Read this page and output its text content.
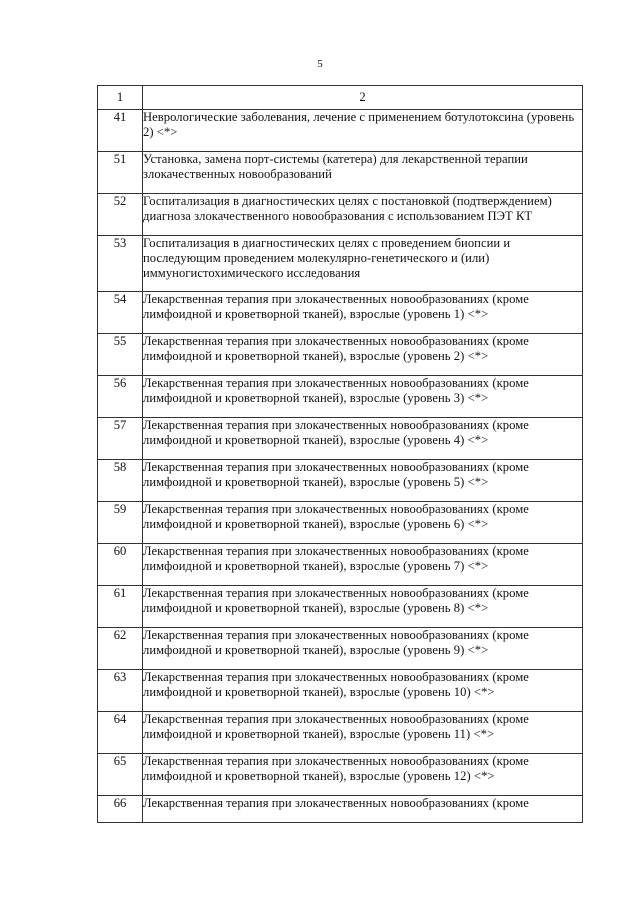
5
1	2
41	Неврологические заболевания, лечение с применением ботулотоксина (уровень 2) <*>
51	Установка, замена порт-системы (катетера) для лекарственной терапии злокачественных новообразований
52	Госпитализация в диагностических целях с постановкой (подтверждением) диагноза злокачественного новообразования с использованием ПЭТ КТ
53	Госпитализация в диагностических целях с проведением биопсии и последующим проведением молекулярно-генетического и (или) иммуногистохимического исследования
54	Лекарственная терапия при злокачественных новообразованиях (кроме лимфоидной и кроветворной тканей), взрослые (уровень 1) <*>
55	Лекарственная терапия при злокачественных новообразованиях (кроме лимфоидной и кроветворной тканей), взрослые (уровень 2) <*>
56	Лекарственная терапия при злокачественных новообразованиях (кроме лимфоидной и кроветворной тканей), взрослые (уровень 3) <*>
57	Лекарственная терапия при злокачественных новообразованиях (кроме лимфоидной и кроветворной тканей), взрослые (уровень 4) <*>
58	Лекарственная терапия при злокачественных новообразованиях (кроме лимфоидной и кроветворной тканей), взрослые (уровень 5) <*>
59	Лекарственная терапия при злокачественных новообразованиях (кроме лимфоидной и кроветворной тканей), взрослые (уровень 6) <*>
60	Лекарственная терапия при злокачественных новообразованиях (кроме лимфоидной и кроветворной тканей), взрослые (уровень 7) <*>
61	Лекарственная терапия при злокачественных новообразованиях (кроме лимфоидной и кроветворной тканей), взрослые (уровень 8) <*>
62	Лекарственная терапия при злокачественных новообразованиях (кроме лимфоидной и кроветворной тканей), взрослые (уровень 9) <*>
63	Лекарственная терапия при злокачественных новообразованиях (кроме лимфоидной и кроветворной тканей), взрослые (уровень 10) <*>
64	Лекарственная терапия при злокачественных новообразованиях (кроме лимфоидной и кроветворной тканей), взрослые (уровень 11) <*>
65	Лекарственная терапия при злокачественных новообразованиях (кроме лимфоидной и кроветворной тканей), взрослые (уровень 12) <*>
66	Лекарственная терапия при злокачественных новообразованиях (кроме
